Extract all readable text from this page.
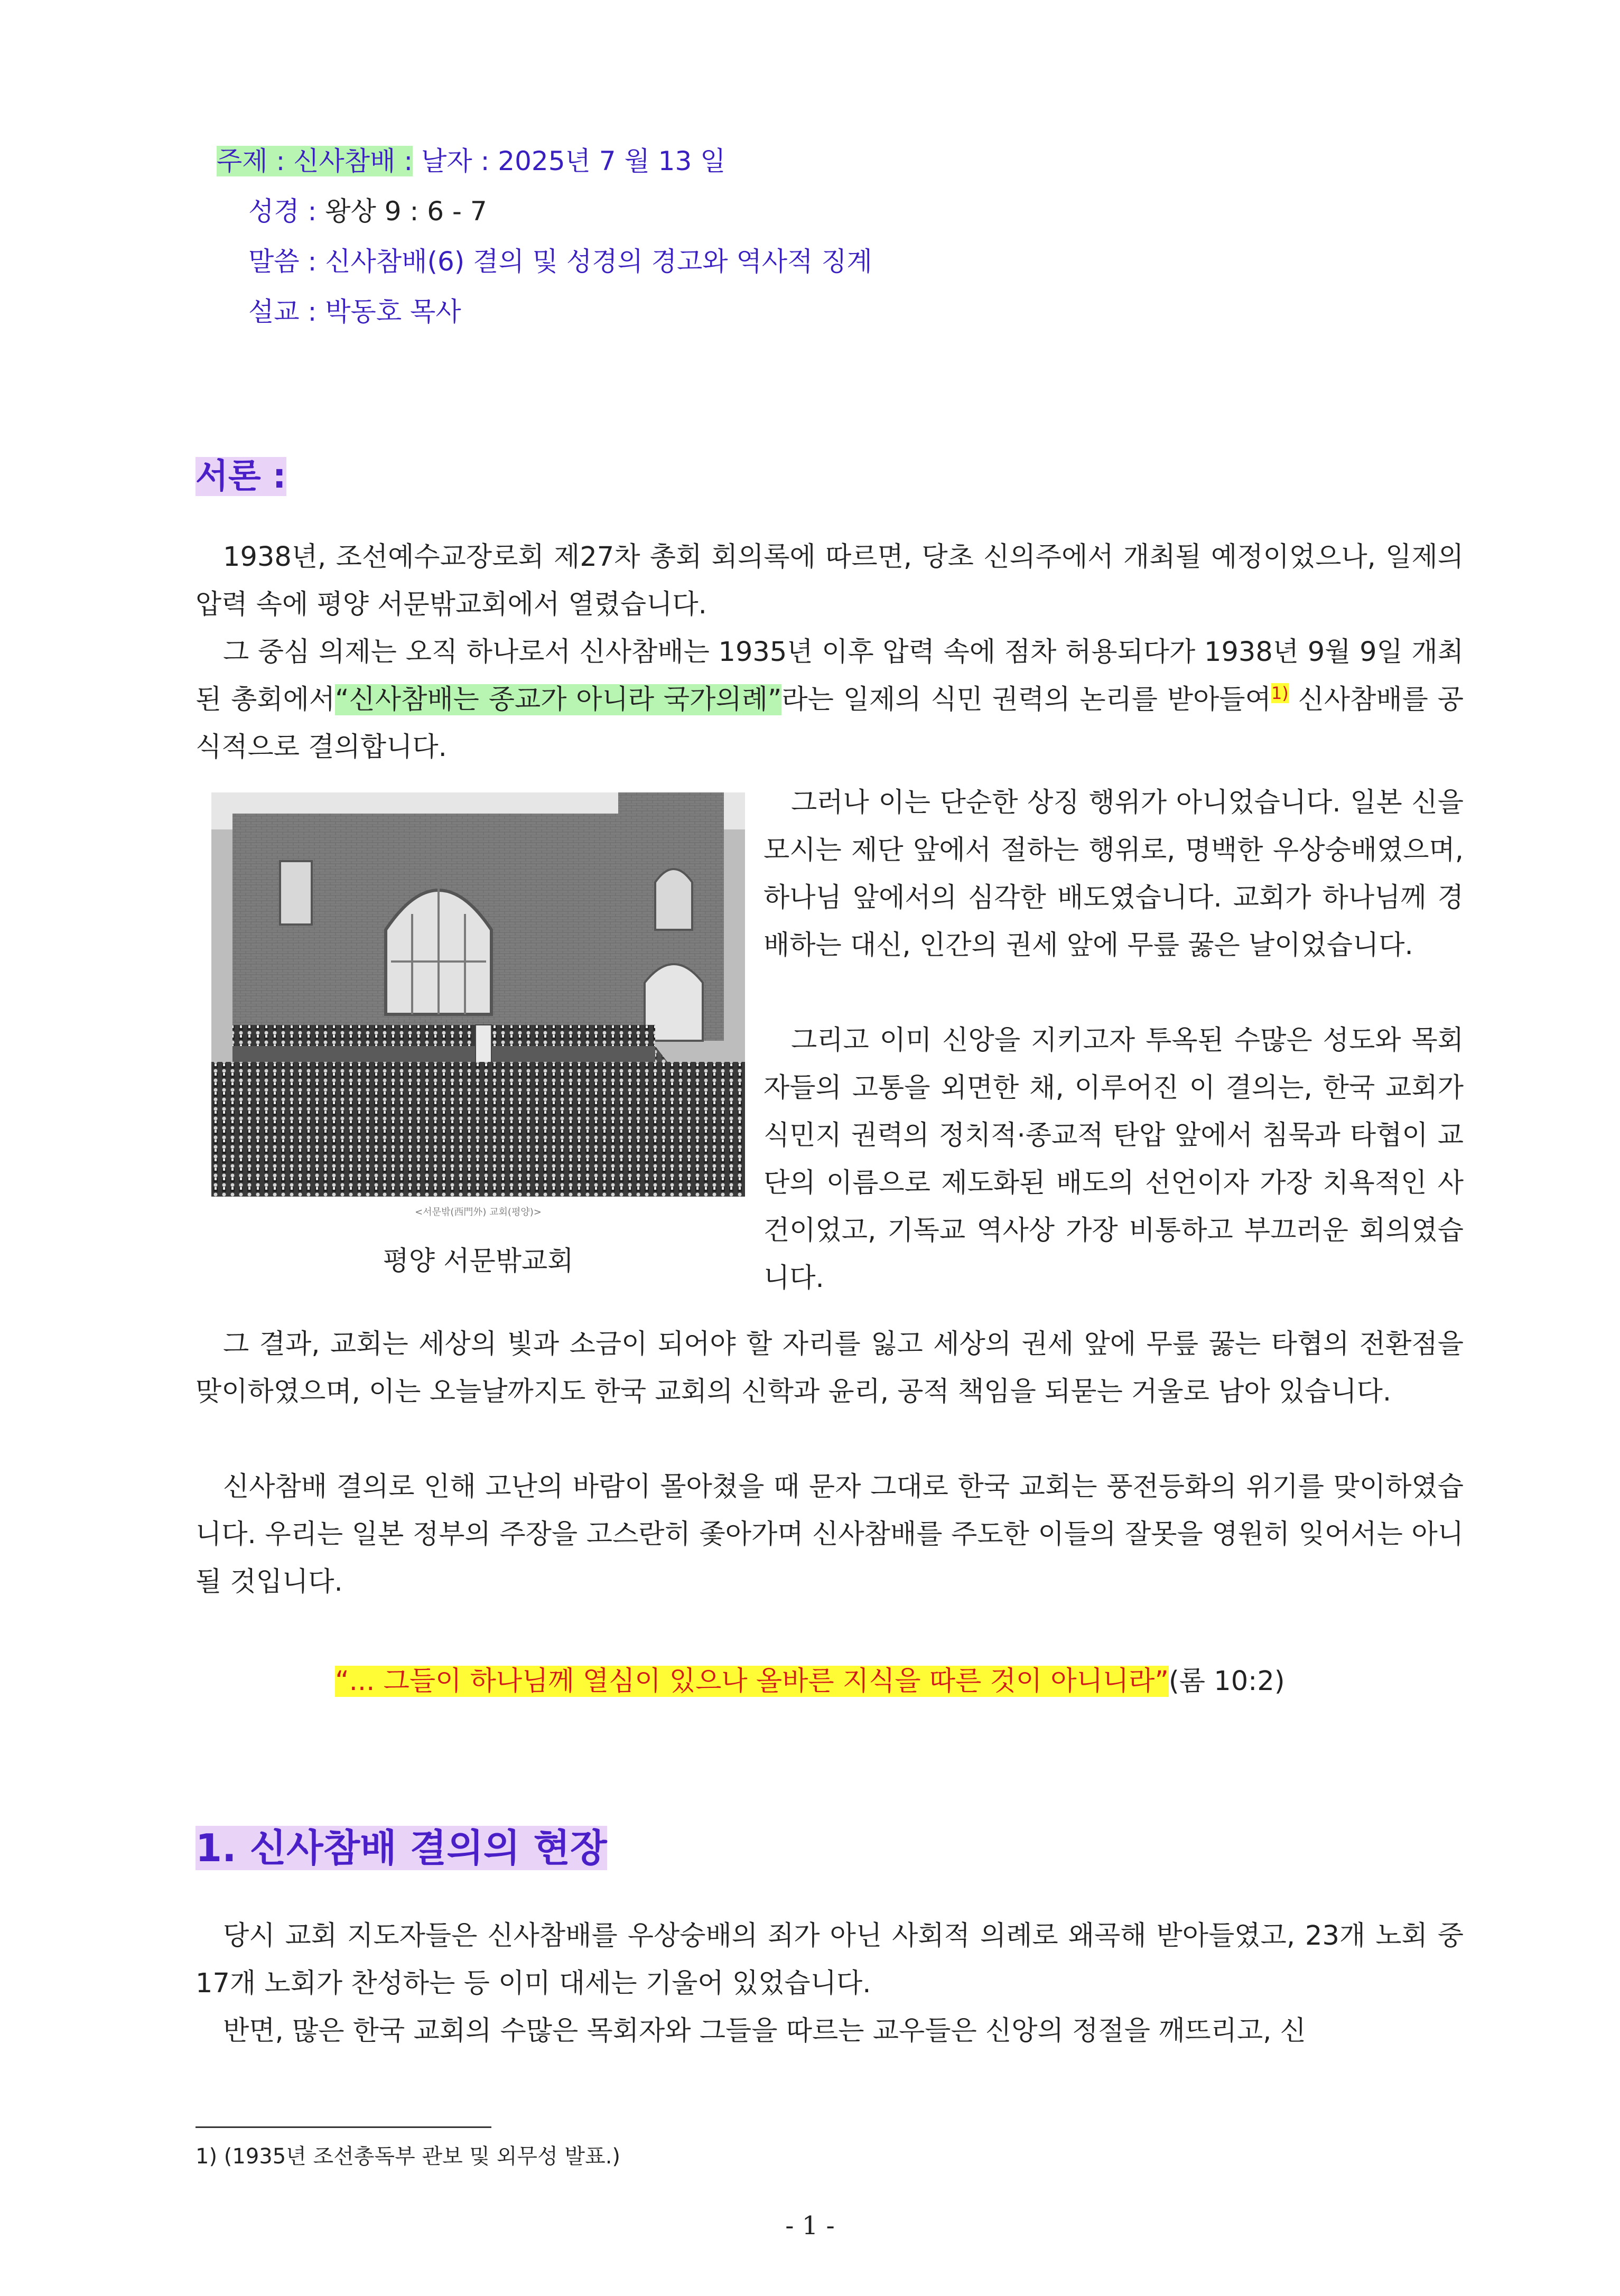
주제 : 신사참배 : 날자 : 2025년 7 월 13 일
성경 : 왕상 9 : 6 - 7
말씀 : 신사참배(6) 결의 및 성경의 경고와 역사적 징계
설교 : 박동호 목사
서론 :
1938년, 조선예수교장로회 제27차 총회 회의록에 따르면, 당초 신의주에서 개최될 예정이었으나, 일제의 압력 속에 평양 서문밖교회에서 열렸습니다.
그 중심 의제는 오직 하나로서 신사참배는 1935년 이후 압력 속에 점차 허용되다가 1938년 9월 9일 개최된 총회에서“신사참배는 종교가 아니라 국가의례”라는 일제의 식민 권력의 논리를 받아들여$^{1)}$ 신사참배를 공식적으로 결의합니다.
<서문밖(西門外) 교회(평양)>
평양 서문밖교회
그러나 이는 단순한 상징 행위가 아니었습니다. 일본 신을 모시는 제단 앞에서 절하는 행위로, 명백한 우상숭배였으며, 하나님 앞에서의 심각한 배도였습니다. 교회가 하나님께 경배하는 대신, 인간의 권세 앞에 무릎 꿇은 날이었습니다.
그리고 이미 신앙을 지키고자 투옥된 수많은 성도와 목회자들의 고통을 외면한 채, 이루어진 이 결의는, 한국 교회가 식민지 권력의 정치적·종교적 탄압 앞에서 침묵과 타협이 교단의 이름으로 제도화된 배도의 선언이자 가장 치욕적인 사건이었고, 기독교 역사상 가장 비통하고 부끄러운 회의였습니다.
그 결과, 교회는 세상의 빛과 소금이 되어야 할 자리를 잃고 세상의 권세 앞에 무릎 꿇는 타협의 전환점을 맞이하였으며, 이는 오늘날까지도 한국 교회의 신학과 윤리, 공적 책임을 되묻는 거울로 남아 있습니다.
신사참배 결의로 인해 고난의 바람이 몰아쳤을 때 문자 그대로 한국 교회는 풍전등화의 위기를 맞이하였습니다. 우리는 일본 정부의 주장을 고스란히 좇아가며 신사참배를 주도한 이들의 잘못을 영원히 잊어서는 아니 될 것입니다.
“... 그들이 하나님께 열심이 있으나 올바른 지식을 따른 것이 아니니라”(롬 10:2)
1. 신사참배 결의의 현장
당시 교회 지도자들은 신사참배를 우상숭배의 죄가 아닌 사회적 의례로 왜곡해 받아들였고, 23개 노회 중 17개 노회가 찬성하는 등 이미 대세는 기울어 있었습니다.
반면, 많은 한국 교회의 수많은 목회자와 그들을 따르는 교우들은 신앙의 정절을 깨뜨리고, 신
1) (1935년 조선총독부 관보 및 외무성 발표.)
- 1 -
